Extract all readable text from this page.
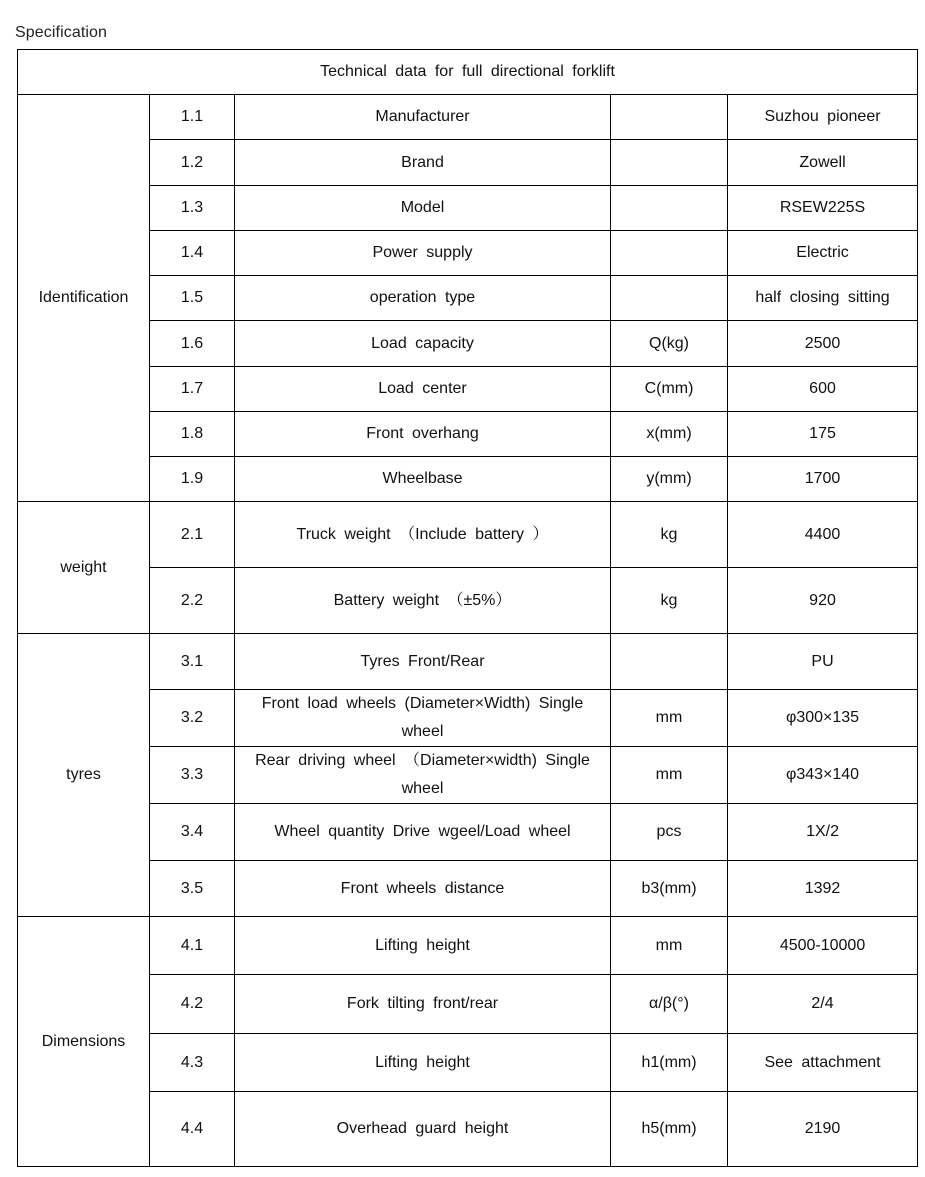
Specification
Technical data for full directional forklift				
Identification	1.1	Manufacturer		Suzhou pioneer
	1.2	Brand		Zowell
	1.3	Model		RSEW225S
	1.4	Power supply		Electric
	1.5	operation type		half closing sitting
	1.6	Load capacity	Q(kg)	2500
	1.7	Load center	C(mm)	600
	1.8	Front overhang	x(mm)	175
	1.9	Wheelbase	y(mm)	1700
weight	2.1	Truck weight （Include battery ）	kg	4400
	2.2	Battery weight （±5%）	kg	920
tyres	3.1	Tyres Front/Rear		PU
	3.2	Front load wheels (Diameter×Width) Single wheel	mm	φ300×135
	3.3	Rear driving wheel （Diameter×width) Single wheel	mm	φ343×140
	3.4	Wheel quantity Drive wgeel/Load wheel	pcs	1X/2
	3.5	Front wheels distance	b3(mm)	1392
Dimensions	4.1	Lifting height	mm	4500-10000
	4.2	Fork tilting front/rear	α/β(°)	2/4
	4.3	Lifting height	h1(mm)	See attachment
	4.4	Overhead guard height	h5(mm)	2190
